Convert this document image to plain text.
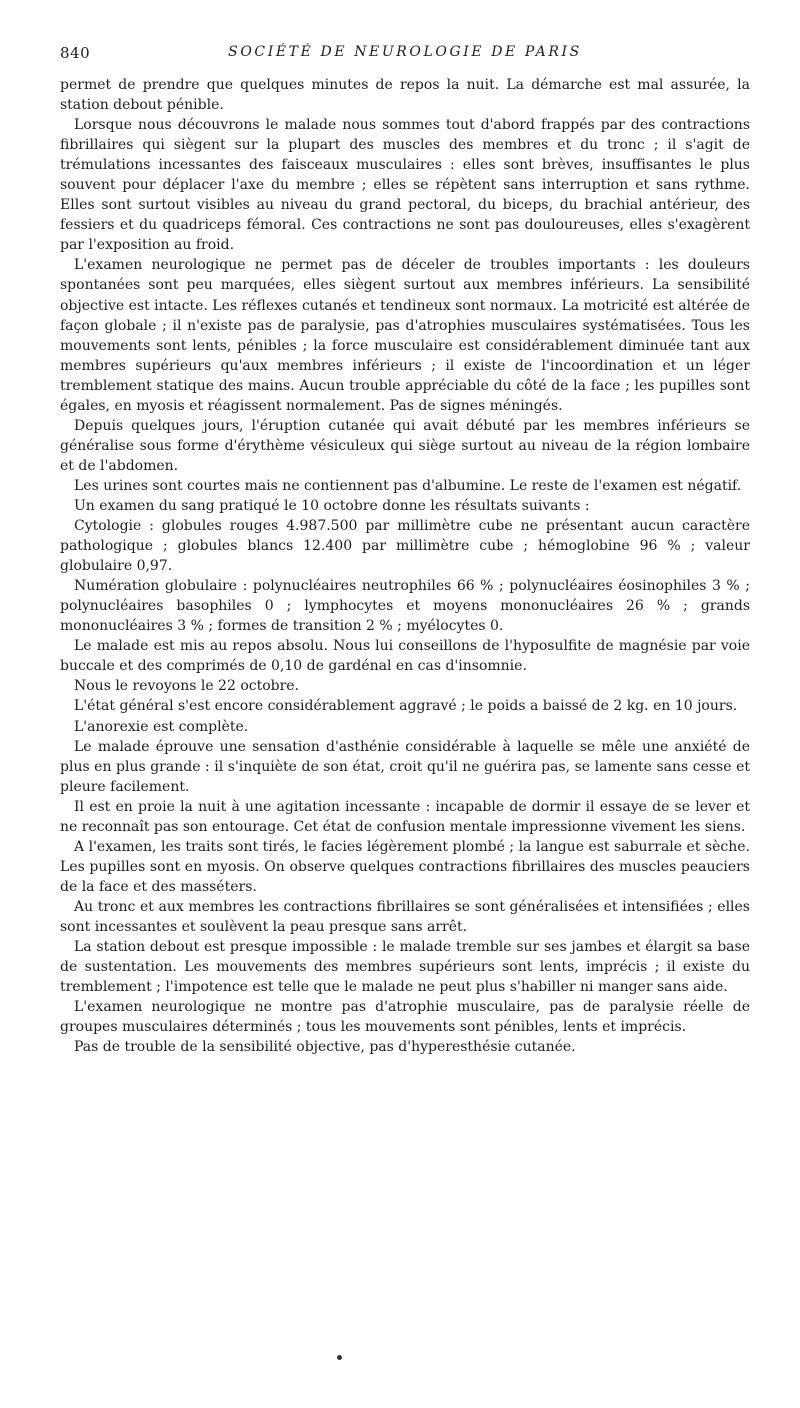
840	SOCIÉTÉ DE NEUROLOGIE DE PARIS

permet de prendre que quelques minutes de repos la nuit. La démarche est mal assurée, la station debout pénible.

Lorsque nous découvrons le malade nous sommes tout d'abord frappés par des contractions fibrillaires qui siègent sur la plupart des muscles des membres et du tronc ; il s'agit de trémulations incessantes des faisceaux musculaires : elles sont brèves, insuffisantes le plus souvent pour déplacer l'axe du membre ; elles se répètent sans interruption et sans rythme. Elles sont surtout visibles au niveau du grand pectoral, du biceps, du brachial antérieur, des fessiers et du quadriceps fémoral. Ces contractions ne sont pas douloureuses, elles s'exagèrent par l'exposition au froid.

L'examen neurologique ne permet pas de déceler de troubles importants : les douleurs spontanées sont peu marquées, elles siègent surtout aux membres inférieurs. La sensibilité objective est intacte. Les réflexes cutanés et tendineux sont normaux. La motricité est altérée de façon globale ; il n'existe pas de paralysie, pas d'atrophies musculaires systématisées. Tous les mouvements sont lents, pénibles ; la force musculaire est considérablement diminuée tant aux membres supérieurs qu'aux membres inférieurs ; il existe de l'incoordination et un léger tremblement statique des mains. Aucun trouble appréciable du côté de la face ; les pupilles sont égales, en myosis et réagissent normalement. Pas de signes méningés.

Depuis quelques jours, l'éruption cutanée qui avait débuté par les membres inférieurs se généralise sous forme d'érythème vésiculeux qui siège surtout au niveau de la région lombaire et de l'abdomen.

Les urines sont courtes mais ne contiennent pas d'albumine. Le reste de l'examen est négatif.

Un examen du sang pratiqué le 10 octobre donne les résultats suivants :

Cytologie : globules rouges 4.987.500 par millimètre cube ne présentant aucun caractère pathologique ; globules blancs 12.400 par millimètre cube ; hémoglobine 96 % ; valeur globulaire 0,97.

Numération globulaire : polynucléaires neutrophiles 66 % ; polynucléaires éosinophiles 3 % ; polynucléaires basophiles 0 ; lymphocytes et moyens mononucléaires 26 % ; grands mononucléaires 3 % ; formes de transition 2 % ; myélocytes 0.

Le malade est mis au repos absolu. Nous lui conseillons de l'hyposulfite de magnésie par voie buccale et des comprimés de 0,10 de gardénal en cas d'insomnie.

Nous le revoyons le 22 octobre.

L'état général s'est encore considérablement aggravé ; le poids a baissé de 2 kg. en 10 jours.

L'anorexie est complète.

Le malade éprouve une sensation d'asthénie considérable à laquelle se mêle une anxiété de plus en plus grande : il s'inquiète de son état, croit qu'il ne guérira pas, se lamente sans cesse et pleure facilement.

Il est en proie la nuit à une agitation incessante : incapable de dormir il essaye de se lever et ne reconnaît pas son entourage. Cet état de confusion mentale impressionne vivement les siens.

A l'examen, les traits sont tirés, le facies légèrement plombé ; la langue est saburrale et sèche. Les pupilles sont en myosis. On observe quelques contractions fibrillaires des muscles peauciers de la face et des masséters.

Au tronc et aux membres les contractions fibrillaires se sont généralisées et intensifiées ; elles sont incessantes et soulèvent la peau presque sans arrêt.

La station debout est presque impossible : le malade tremble sur ses jambes et élargit sa base de sustentation. Les mouvements des membres supérieurs sont lents, imprécis ; il existe du tremblement ; l'impotence est telle que le malade ne peut plus s'habiller ni manger sans aide.

L'examen neurologique ne montre pas d'atrophie musculaire, pas de paralysie réelle de groupes musculaires déterminés ; tous les mouvements sont pénibles, lents et imprécis.

Pas de trouble de la sensibilité objective, pas d'hyperesthésie cutanée.
